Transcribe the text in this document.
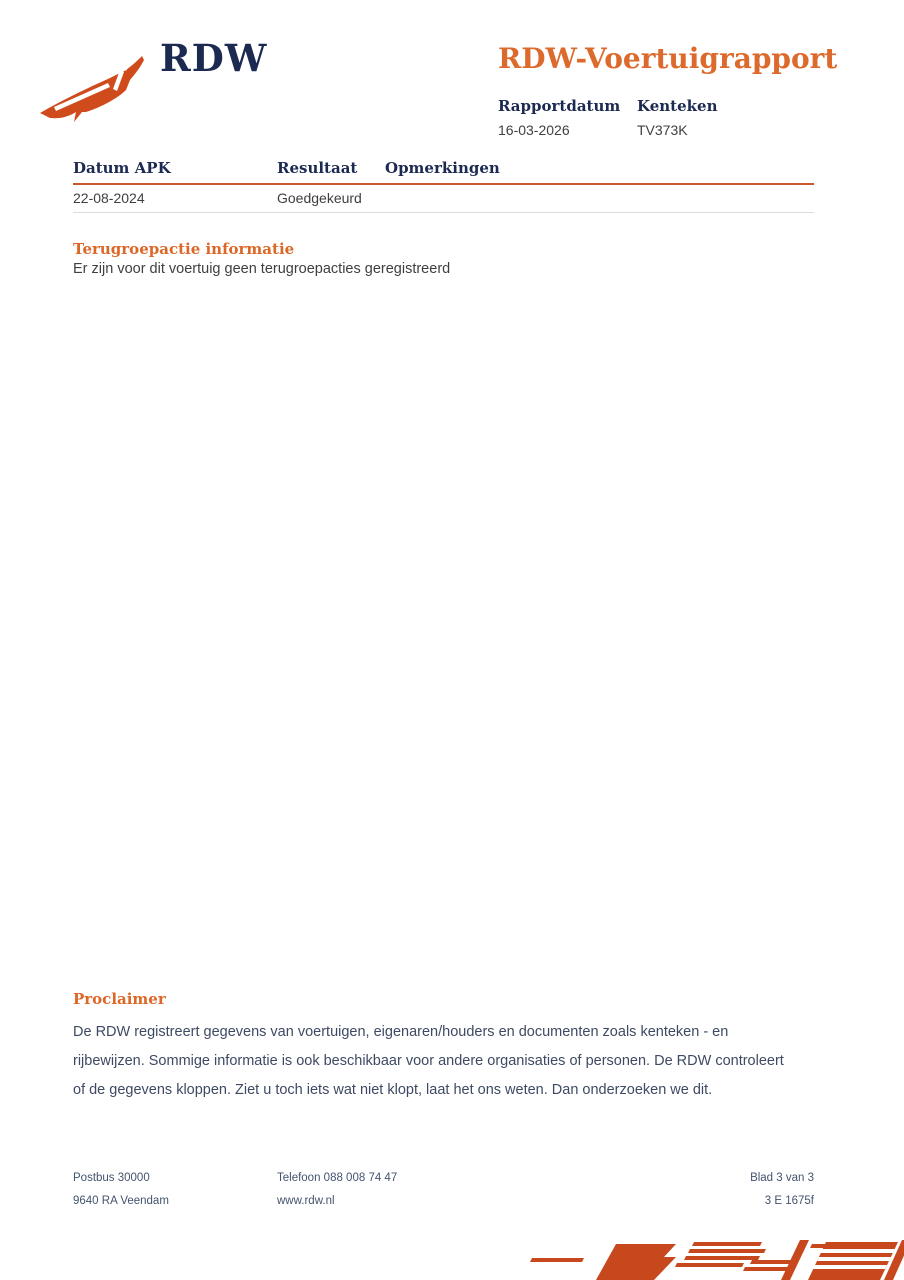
RDW	RDW-Voertuigrapport
Rapportdatum
16-03-2026
Kenteken
TV373K
Datum APK	Resultaat	Opmerkingen
22-08-2024	Goedgekeurd
Terugroepactie informatie

Er zijn voor dit voertuig geen terugroepacties geregistreerd

Proclaimer

De RDW registreert gegevens van voertuigen, eigenaren/houders en documenten zoals kenteken - en rijbewijzen. Sommige informatie is ook beschikbaar voor andere organisaties of personen. De RDW controleert of de gegevens kloppen. Ziet u toch iets wat niet klopt, laat het ons weten. Dan onderzoeken we dit.

Postbus 30000	Telefoon 088 008 74 47	Blad 3 van 3
9640 RA Veendam	www.rdw.nl	3 E 1675f
